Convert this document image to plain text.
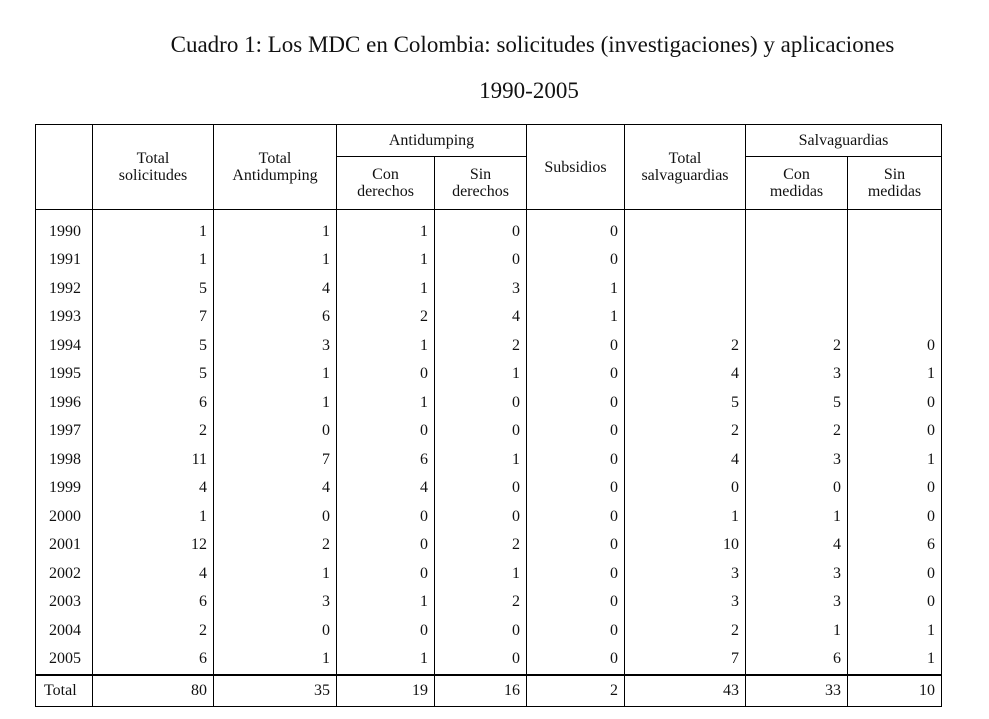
Cuadro 1: Los MDC en Colombia: solicitudes (investigaciones) y aplicaciones
1990-2005
	Total solicitudes	Total Antidumping	Antidumping		Subsidios	Total salvaguardias	Salvaguardias	
			Con derechos	Sin derechos			Con medidas	Sin medidas
1990	1	1	1	0	0			
1991	1	1	1	0	0			
1992	5	4	1	3	1			
1993	7	6	2	4	1			
1994	5	3	1	2	0	2	2	0
1995	5	1	0	1	0	4	3	1
1996	6	1	1	0	0	5	5	0
1997	2	0	0	0	0	2	2	0
1998	11	7	6	1	0	4	3	1
1999	4	4	4	0	0	0	0	0
2000	1	0	0	0	0	1	1	0
2001	12	2	0	2	0	10	4	6
2002	4	1	0	1	0	3	3	0
2003	6	3	1	2	0	3	3	0
2004	2	0	0	0	0	2	1	1
2005	6	1	1	0	0	7	6	1
Total	80	35	19	16	2	43	33	10
